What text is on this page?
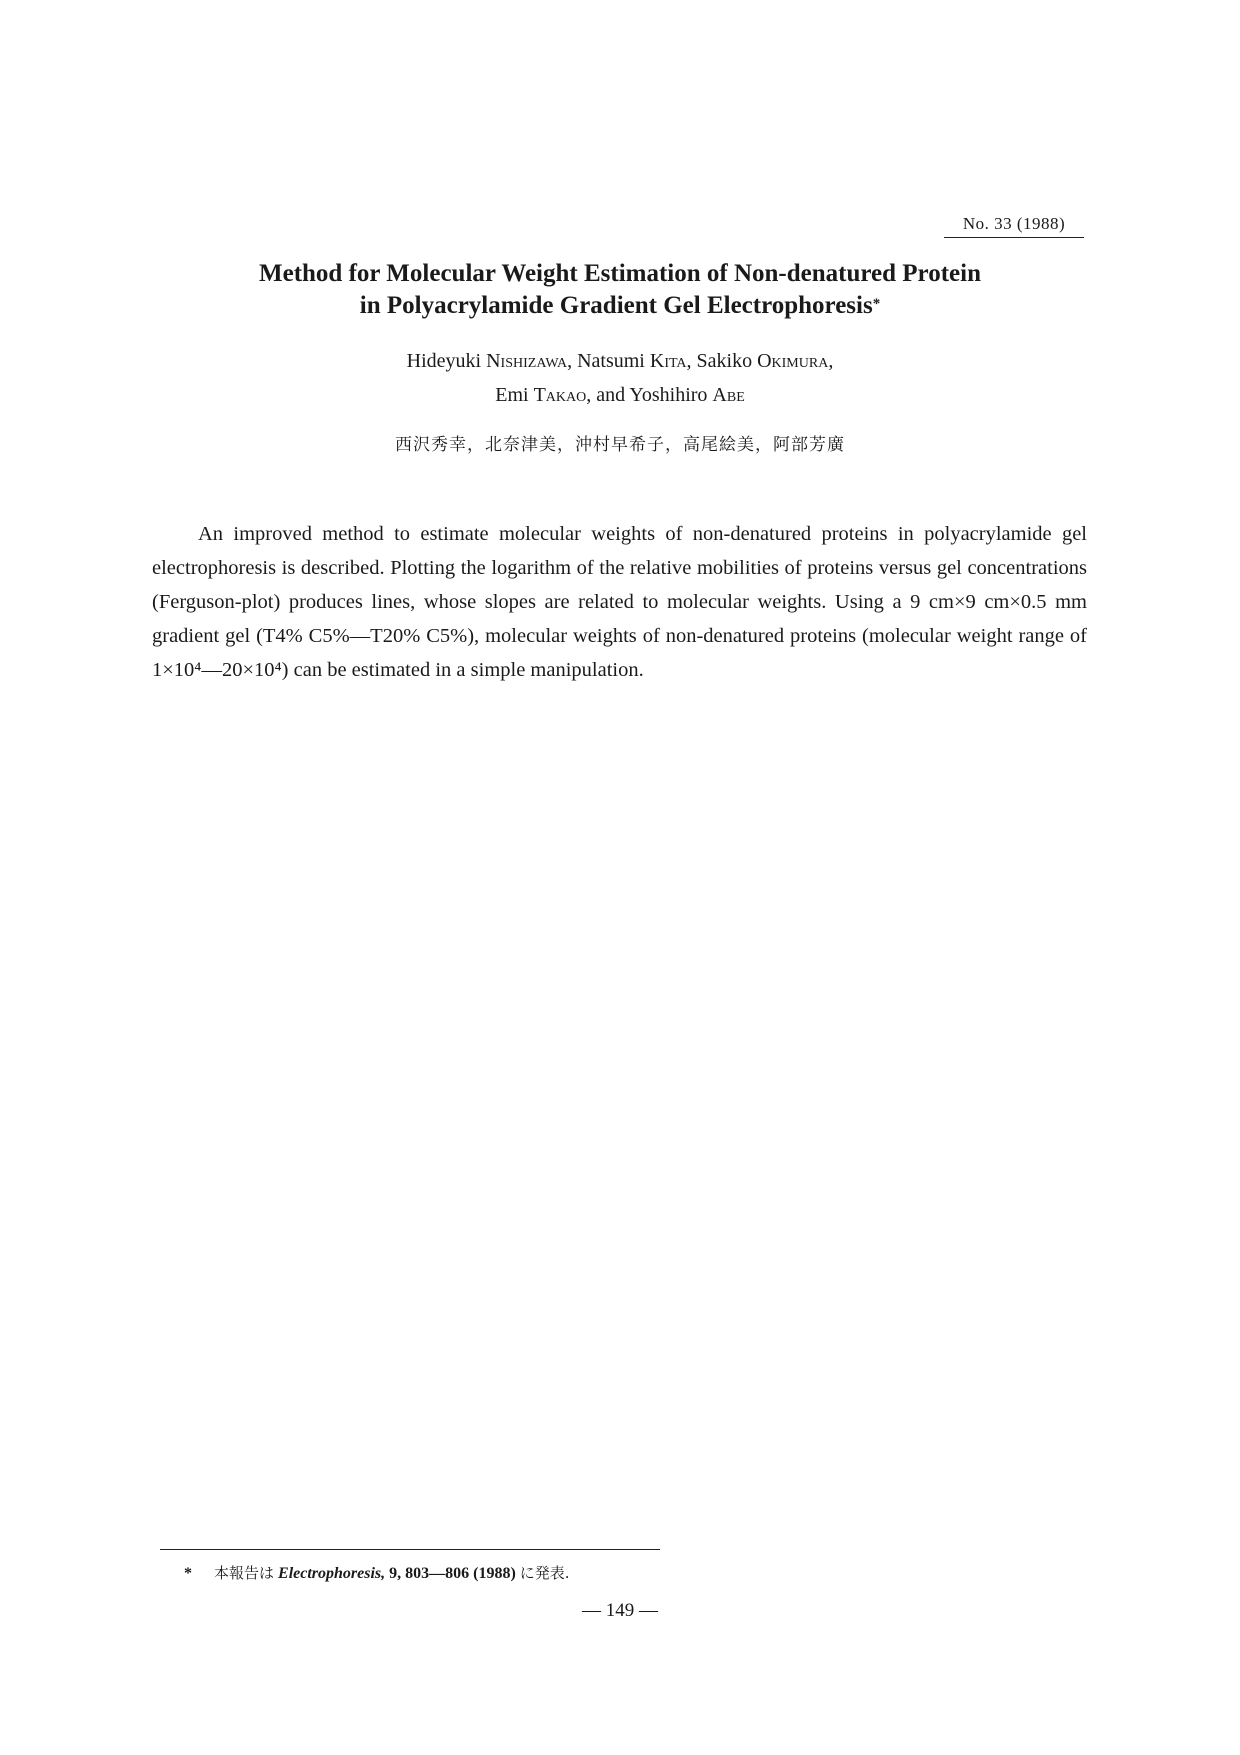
No. 33 (1988)
Method for Molecular Weight Estimation of Non-denatured Protein
in Polyacrylamide Gradient Gel Electrophoresis*
Hideyuki Nishizawa, Natsumi Kita, Sakiko Okimura,
Emi Takao, and Yoshihiro Abe
西沢秀幸，北奈津美，沖村早希子，高尾絵美，阿部芳廣

An improved method to estimate molecular weights of non-denatured proteins in polyacrylamide gel electrophoresis is described. Plotting the logarithm of the relative mobilities of proteins versus gel concentrations (Ferguson-plot) produces lines, whose slopes are related to molecular weights. Using a 9 cm×9 cm×0.5 mm gradient gel (T4% C5%—T20% C5%), molecular weights of non-denatured proteins (molecular weight range of 1×10⁴—20×10⁴) can be estimated in a simple manipulation.

* 本報告は Electrophoresis, 9, 803—806 (1988) に発表.
— 149 —
